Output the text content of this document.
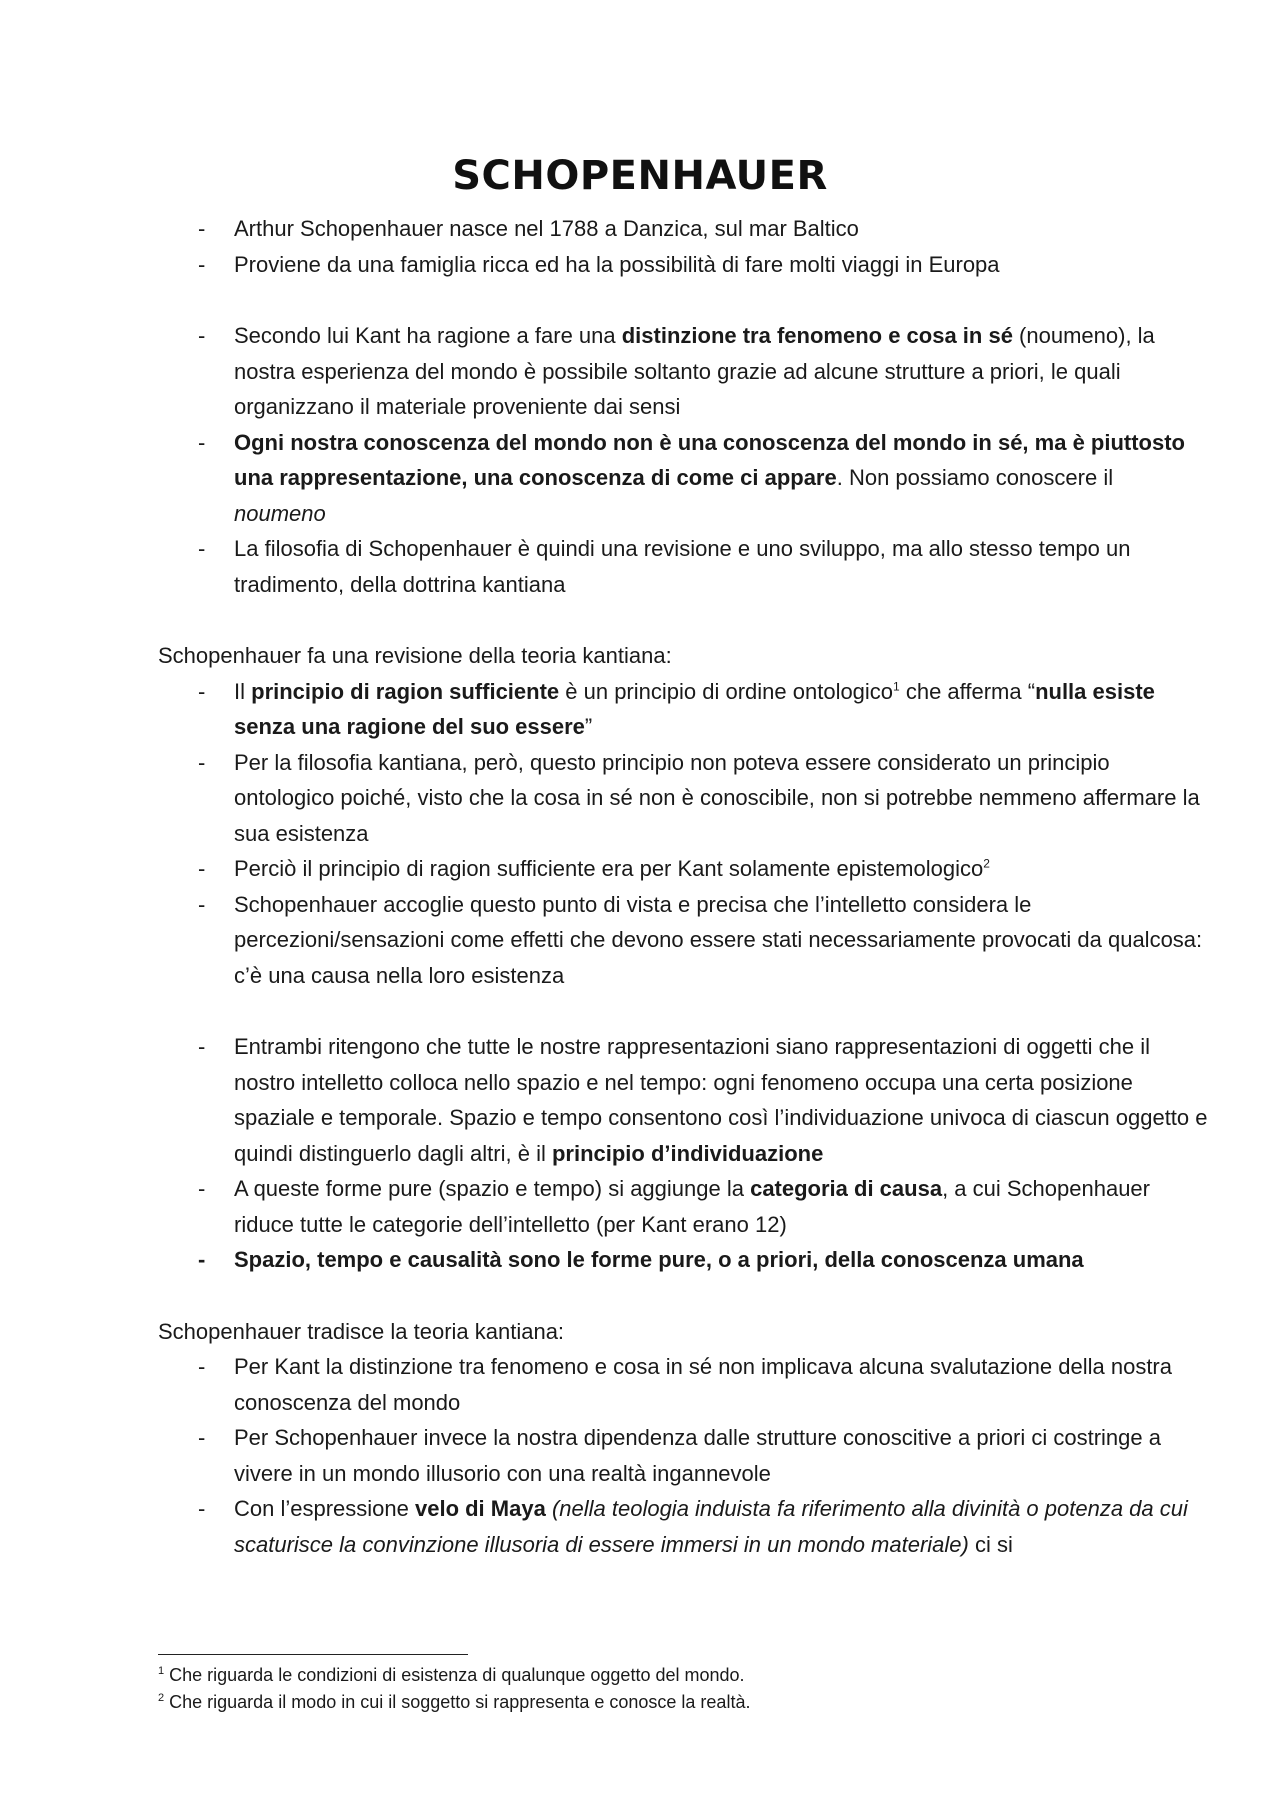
SCHOPENHAUER
- Arthur Schopenhauer nasce nel 1788 a Danzica, sul mar Baltico
- Proviene da una famiglia ricca ed ha la possibilità di fare molti viaggi in Europa
- Secondo lui Kant ha ragione a fare una distinzione tra fenomeno e cosa in sé (noumeno), la nostra esperienza del mondo è possibile soltanto grazie ad alcune strutture a priori, le quali organizzano il materiale proveniente dai sensi
- Ogni nostra conoscenza del mondo non è una conoscenza del mondo in sé, ma è piuttosto una rappresentazione, una conoscenza di come ci appare. Non possiamo conoscere il noumeno
- La filosofia di Schopenhauer è quindi una revisione e uno sviluppo, ma allo stesso tempo un tradimento, della dottrina kantiana

Schopenhauer fa una revisione della teoria kantiana:

- Il principio di ragion sufficiente è un principio di ordine ontologico$^1$ che afferma “nulla esiste senza una ragione del suo essere”
- Per la filosofia kantiana, però, questo principio non poteva essere considerato un principio ontologico poiché, visto che la cosa in sé non è conoscibile, non si potrebbe nemmeno affermare la sua esistenza
- Perciò il principio di ragion sufficiente era per Kant solamente epistemologico$^2$
- Schopenhauer accoglie questo punto di vista e precisa che l’intelletto considera le percezioni/sensazioni come effetti che devono essere stati necessariamente provocati da qualcosa: c’è una causa nella loro esistenza
- Entrambi ritengono che tutte le nostre rappresentazioni siano rappresentazioni di oggetti che il nostro intelletto colloca nello spazio e nel tempo: ogni fenomeno occupa una certa posizione spaziale e temporale. Spazio e tempo consentono così l’individuazione univoca di ciascun oggetto e quindi distinguerlo dagli altri, è il principio d’individuazione
- A queste forme pure (spazio e tempo) si aggiunge la categoria di causa, a cui Schopenhauer riduce tutte le categorie dell’intelletto (per Kant erano 12)
- Spazio, tempo e causalità sono le forme pure, o a priori, della conoscenza umana

Schopenhauer tradisce la teoria kantiana:

- Per Kant la distinzione tra fenomeno e cosa in sé non implicava alcuna svalutazione della nostra conoscenza del mondo
- Per Schopenhauer invece la nostra dipendenza dalle strutture conoscitive a priori ci costringe a vivere in un mondo illusorio con una realtà ingannevole
- Con l’espressione velo di Maya (nella teologia induista fa riferimento alla divinità o potenza da cui scaturisce la convinzione illusoria di essere immersi in un mondo materiale) ci si

$^1$ Che riguarda le condizioni di esistenza di qualunque oggetto del mondo.

$^2$ Che riguarda il modo in cui il soggetto si rappresenta e conosce la realtà.
